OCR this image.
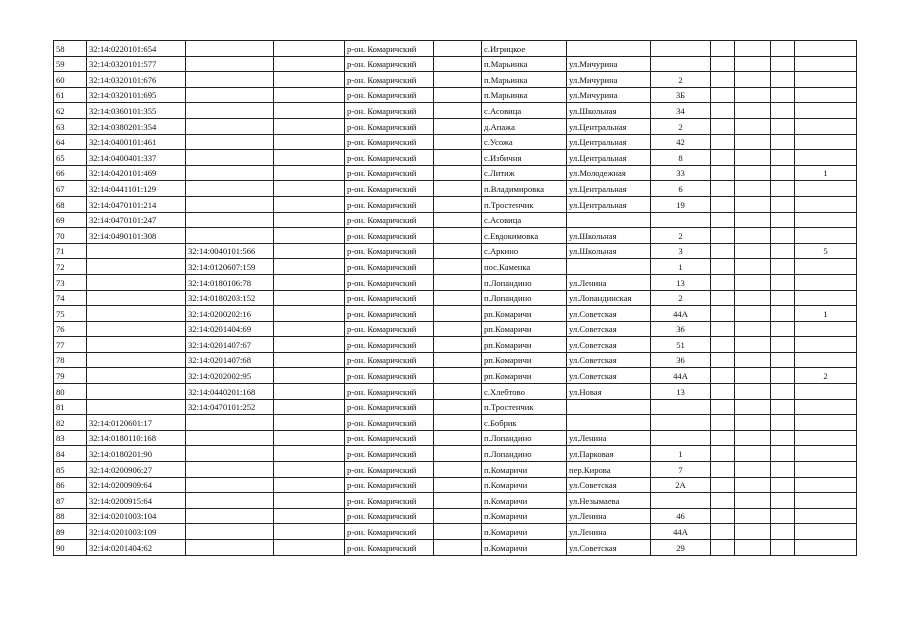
58	32:14:0220101:654			р-он. Комаричский		с.Игрицкое						
59	32:14:0320101:577			р-он. Комаричский		п.Марьинка	ул.Мичурина					
60	32:14:0320101:676			р-он. Комаричский		п.Марьинка	ул.Мичурина	2				
61	32:14:0320101:695			р-он. Комаричский		п.Марьинка	ул.Мичурина	3Б				
62	32:14:0360101:355			р-он. Комаричский		с.Асовица	ул.Школьная	34				
63	32:14:0380201:354			р-он. Комаричский		д.Апажа	ул.Центральная	2				
64	32:14:0400101:461			р-он. Комаричский		с.Усожа	ул.Центральная	42				
65	32:14:0400401:337			р-он. Комаричский		с.Избичня	ул.Центральная	8				
66	32:14:0420101:469			р-он. Комаричский		с.Литиж	ул.Молодежная	33				1
67	32:14:0441101:129			р-он. Комаричский		п.Владимировка	ул.Центральная	6				
68	32:14:0470101:214			р-он. Комаричский		п.Тростенчик	ул.Центральная	19				
69	32:14:0470101:247			р-он. Комаричский		с.Асовица						
70	32:14:0490101:308			р-он. Комаричский		с.Евдокимовка	ул.Школьная	2				
71		32:14:0040101:566		р-он. Комаричский		с.Аркино	ул.Школьная	3				5
72		32:14:0120607:159		р-он. Комаричский		пос.Каменка		1				
73		32:14:0180106:78		р-он. Комаричский		п.Лопандино	ул.Ленина	13				
74		32:14:0180203:152		р-он. Комаричский		п.Лопандино	ул.Лопандинская	2				
75		32:14:0200202:16		р-он. Комаричский		рп.Комаричи	ул.Советская	44А				1
76		32:14:0201404:69		р-он. Комаричский		рп.Комаричи	ул.Советская	36				
77		32:14:0201407:67		р-он. Комаричский		рп.Комаричи	ул.Советская	51				
78		32:14:0201407:68		р-он. Комаричский		рп.Комаричи	ул.Советская	36				
79		32:14:0202002:95		р-он. Комаричский		рп.Комаричи	ул.Советская	44А				2
80		32:14:0440201:168		р-он. Комаричский		с.Хлебтово	ул.Новая	13				
81		32:14:0470101:252		р-он. Комаричский		п.Тростенчик						
82	32:14:0120601:17			р-он. Комаричский		с.Бобрик						
83	32:14:0180110:168			р-он. Комаричский		п.Лопандино	ул.Ленина					
84	32:14:0180201:90			р-он. Комаричский		п.Лопандино	ул.Парковая	1				
85	32:14:0200906:27			р-он. Комаричский		п.Комаричи	пер.Кирова	7				
86	32:14:0200909:64			р-он. Комаричский		п.Комаричи	ул.Советская	2А				
87	32:14:0200915:64			р-он. Комаричский		п.Комаричи	ул.Незымаева					
88	32:14:0201003:104			р-он. Комаричский		п.Комаричи	ул.Ленина	46				
89	32:14:0201003:109			р-он. Комаричский		п.Комаричи	ул.Ленина	44А				
90	32:14:0201404:62			р-он. Комаричский		п.Комаричи	ул.Советская	29				
